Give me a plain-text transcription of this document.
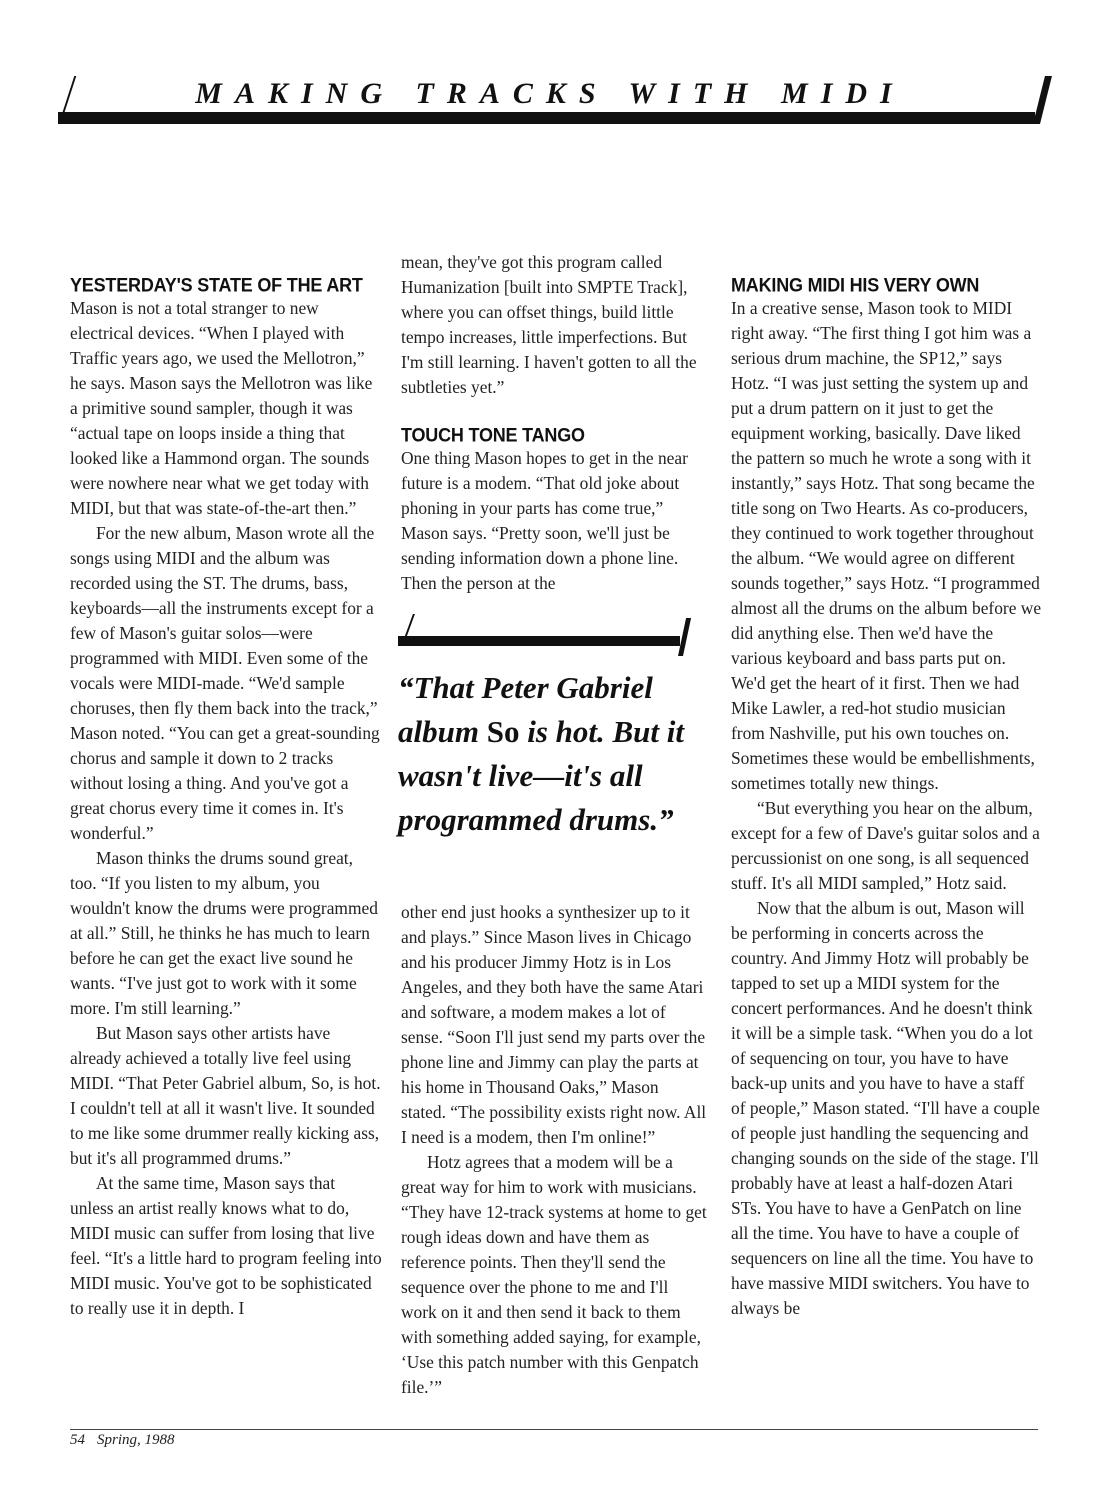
MAKING TRACKS WITH MIDI
YESTERDAY'S STATE OF THE ART

Mason is not a total stranger to new electrical devices. “When I played with Traffic years ago, we used the Mellotron,” he says. Mason says the Mellotron was like a primitive sound sampler, though it was “actual tape on loops inside a thing that looked like a Hammond organ. The sounds were nowhere near what we get today with MIDI, but that was state-of-the-art then.”

For the new album, Mason wrote all the songs using MIDI and the album was recorded using the ST. The drums, bass, keyboards—all the instruments except for a few of Mason's guitar solos—were programmed with MIDI. Even some of the vocals were MIDI-made. “We'd sample choruses, then fly them back into the track,” Mason noted. “You can get a great-sounding chorus and sample it down to 2 tracks without losing a thing. And you've got a great chorus every time it comes in. It's wonderful.”

Mason thinks the drums sound great, too. “If you listen to my album, you wouldn't know the drums were programmed at all.” Still, he thinks he has much to learn before he can get the exact live sound he wants. “I've just got to work with it some more. I'm still learning.”

But Mason says other artists have already achieved a totally live feel using MIDI. “That Peter Gabriel album, So, is hot. I couldn't tell at all it wasn't live. It sounded to me like some drummer really kicking ass, but it's all programmed drums.”

At the same time, Mason says that unless an artist really knows what to do, MIDI music can suffer from losing that live feel. “It's a little hard to program feeling into MIDI music. You've got to be sophisticated to really use it in depth. I

mean, they've got this program called Humanization [built into SMPTE Track], where you can offset things, build little tempo increases, little imperfections. But I'm still learning. I haven't gotten to all the subtleties yet.”

TOUCH TONE TANGO

One thing Mason hopes to get in the near future is a modem. “That old joke about phoning in your parts has come true,” Mason says. “Pretty soon, we'll just be sending information down a phone line. Then the person at the

“That Peter Gabriel album So is hot. But it wasn't live—it's all programmed drums.”

other end just hooks a synthesizer up to it and plays.” Since Mason lives in Chicago and his producer Jimmy Hotz is in Los Angeles, and they both have the same Atari and software, a modem makes a lot of sense. “Soon I'll just send my parts over the phone line and Jimmy can play the parts at his home in Thousand Oaks,” Mason stated. “The possibility exists right now. All I need is a modem, then I'm online!”

Hotz agrees that a modem will be a great way for him to work with musicians. “They have 12-track systems at home to get rough ideas down and have them as reference points. Then they'll send the sequence over the phone to me and I'll work on it and then send it back to them with something added saying, for example, ‘Use this patch number with this Genpatch file.’”

MAKING MIDI HIS VERY OWN

In a creative sense, Mason took to MIDI right away. “The first thing I got him was a serious drum machine, the SP12,” says Hotz. “I was just setting the system up and put a drum pattern on it just to get the equipment working, basically. Dave liked the pattern so much he wrote a song with it instantly,” says Hotz. That song became the title song on Two Hearts. As co-producers, they continued to work together throughout the album. “We would agree on different sounds together,” says Hotz. “I programmed almost all the drums on the album before we did anything else. Then we'd have the various keyboard and bass parts put on. We'd get the heart of it first. Then we had Mike Lawler, a red-hot studio musician from Nashville, put his own touches on. Sometimes these would be embellishments, sometimes totally new things.

“But everything you hear on the album, except for a few of Dave's guitar solos and a percussionist on one song, is all sequenced stuff. It's all MIDI sampled,” Hotz said.

Now that the album is out, Mason will be performing in concerts across the country. And Jimmy Hotz will probably be tapped to set up a MIDI system for the concert performances. And he doesn't think it will be a simple task. “When you do a lot of sequencing on tour, you have to have back-up units and you have to have a staff of people,” Mason stated. “I'll have a couple of people just handling the sequencing and changing sounds on the side of the stage. I'll probably have at least a half-dozen Atari STs. You have to have a GenPatch on line all the time. You have to have a couple of sequencers on line all the time. You have to have massive MIDI switchers. You have to always be

54 Spring, 1988
